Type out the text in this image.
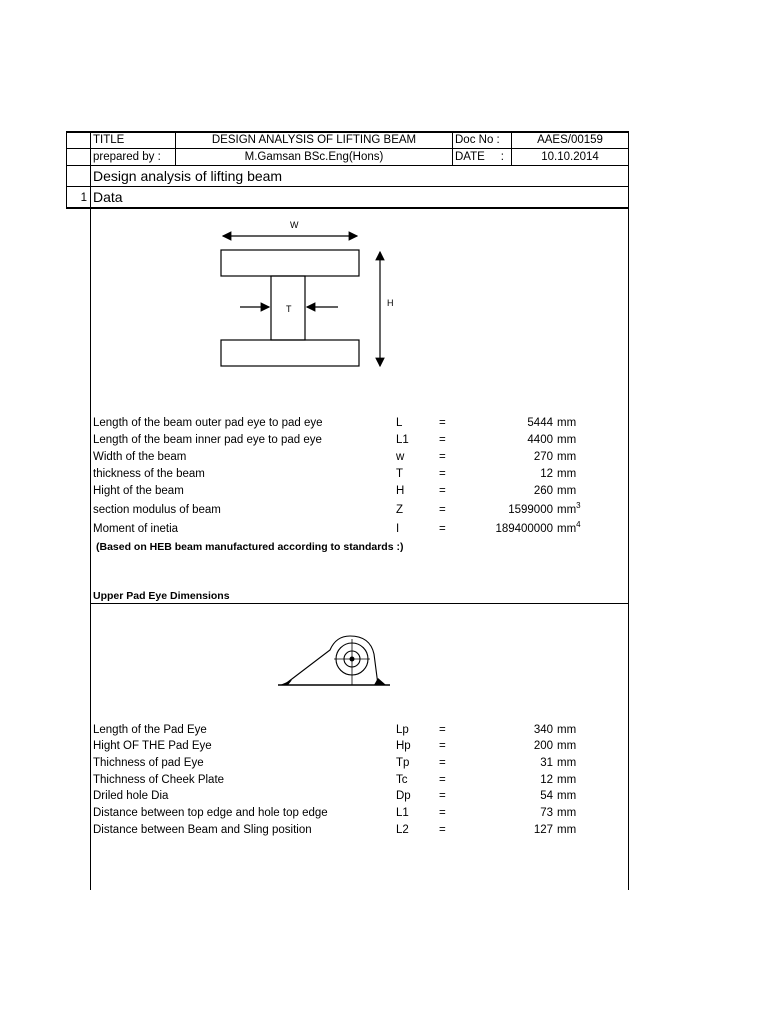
TITLE	DESIGN ANALYSIS OF LIFTING BEAM	Doc No :	AAES/00159
prepared by :	M.Gamsan BSc.Eng(Hons)	DATE     :	10.10.2014
Design analysis of lifting beam
1 Data
W
T
H
Length of the beam outer pad eye to pad eye	L	=	5444 mm
Length of the beam inner pad eye to pad eye	L1	=	4400 mm
Width of the beam	w	=	270 mm
thickness of the beam	T	=	12 mm
Hight of the beam	H	=	260 mm
section modulus of beam	Z	=	1599000 $mm^3$
Moment of inetia	I	=	189400000 $mm^4$
(Based on HEB beam manufactured according to standards :)
Upper Pad Eye Dimensions
Length of the Pad Eye	Lp	=	340 mm
Hight OF THE Pad Eye	Hp =	200 mm
Thichness of pad Eye	Tp	=	31 mm
Thichness of Cheek Plate	Tc	=	12 mm
Driled hole Dia	Dp =	54 mm
Distance between top edge and hole top edge	L1	=	73 mm
Distance between Beam and Sling position	L2	=	127 mm
